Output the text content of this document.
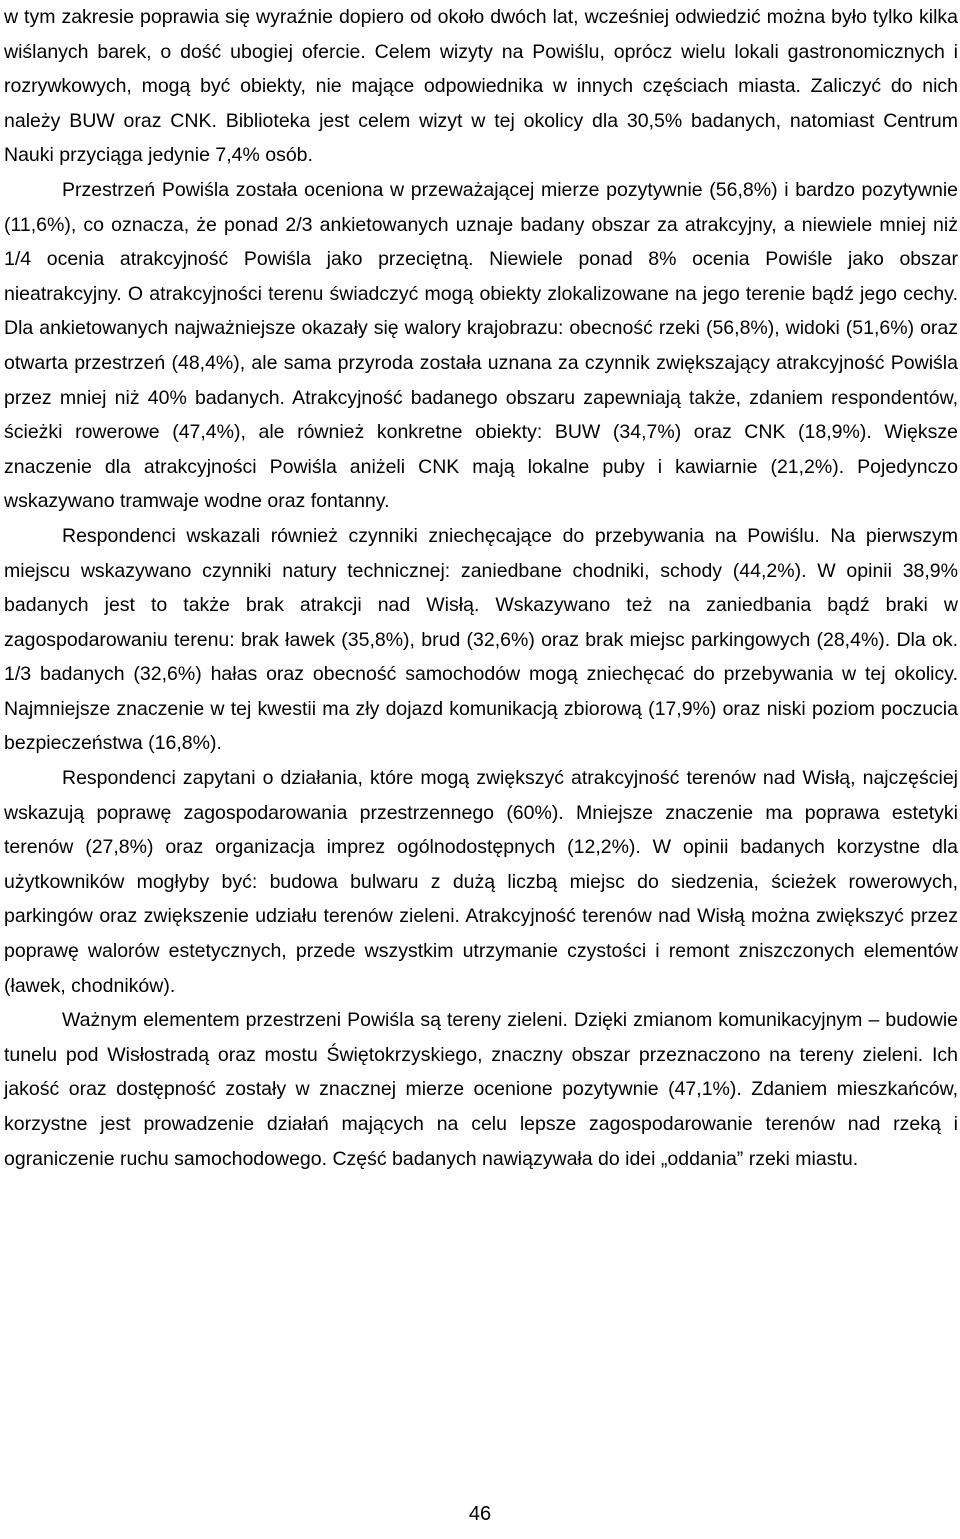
w tym zakresie poprawia się wyraźnie dopiero od około dwóch lat, wcześniej odwiedzić można było tylko kilka wiślanych barek, o dość ubogiej ofercie. Celem wizyty na Powiślu, oprócz wielu lokali gastronomicznych i rozrywkowych, mogą być obiekty, nie mające odpowiednika w innych częściach miasta. Zaliczyć do nich należy BUW oraz CNK. Biblioteka jest celem wizyt w tej okolicy dla 30,5% badanych, natomiast Centrum Nauki przyciąga jedynie 7,4% osób.

Przestrzeń Powiśla została oceniona w przeważającej mierze pozytywnie (56,8%) i bardzo pozytywnie (11,6%), co oznacza, że ponad 2/3 ankietowanych uznaje badany obszar za atrakcyjny, a niewiele mniej niż 1/4 ocenia atrakcyjność Powiśla jako przeciętną. Niewiele ponad 8% ocenia Powiśle jako obszar nieatrakcyjny. O atrakcyjności terenu świadczyć mogą obiekty zlokalizowane na jego terenie bądź jego cechy. Dla ankietowanych najważniejsze okazały się walory krajobrazu: obecność rzeki (56,8%), widoki (51,6%) oraz otwarta przestrzeń (48,4%), ale sama przyroda została uznana za czynnik zwiększający atrakcyjność Powiśla przez mniej niż 40% badanych. Atrakcyjność badanego obszaru zapewniają także, zdaniem respondentów, ścieżki rowerowe (47,4%), ale również konkretne obiekty: BUW (34,7%) oraz CNK (18,9%). Większe znaczenie dla atrakcyjności Powiśla aniżeli CNK mają lokalne puby i kawiarnie (21,2%). Pojedynczo wskazywano tramwaje wodne oraz fontanny.

Respondenci wskazali również czynniki zniechęcające do przebywania na Powiślu. Na pierwszym miejscu wskazywano czynniki natury technicznej: zaniedbane chodniki, schody (44,2%). W opinii 38,9% badanych jest to także brak atrakcji nad Wisłą. Wskazywano też na zaniedbania bądź braki w zagospodarowaniu terenu: brak ławek (35,8%), brud (32,6%) oraz brak miejsc parkingowych (28,4%). Dla ok. 1/3 badanych (32,6%) hałas oraz obecność samochodów mogą zniechęcać do przebywania w tej okolicy. Najmniejsze znaczenie w tej kwestii ma zły dojazd komunikacją zbiorową (17,9%) oraz niski poziom poczucia bezpieczeństwa (16,8%).

Respondenci zapytani o działania, które mogą zwiększyć atrakcyjność terenów nad Wisłą, najczęściej wskazują poprawę zagospodarowania przestrzennego (60%). Mniejsze znaczenie ma poprawa estetyki terenów (27,8%) oraz organizacja imprez ogólnodostępnych (12,2%). W opinii badanych korzystne dla użytkowników mogłyby być: budowa bulwaru z dużą liczbą miejsc do siedzenia, ścieżek rowerowych, parkingów oraz zwiększenie udziału terenów zieleni. Atrakcyjność terenów nad Wisłą można zwiększyć przez poprawę walorów estetycznych, przede wszystkim utrzymanie czystości i remont zniszczonych elementów (ławek, chodników).

Ważnym elementem przestrzeni Powiśla są tereny zieleni. Dzięki zmianom komunikacyjnym – budowie tunelu pod Wisłostradą oraz mostu Świętokrzyskiego, znaczny obszar przeznaczono na tereny zieleni. Ich jakość oraz dostępność zostały w znacznej mierze ocenione pozytywnie (47,1%). Zdaniem mieszkańców, korzystne jest prowadzenie działań mających na celu lepsze zagospodarowanie terenów nad rzeką i ograniczenie ruchu samochodowego. Część badanych nawiązywała do idei „oddania” rzeki miastu.

46
